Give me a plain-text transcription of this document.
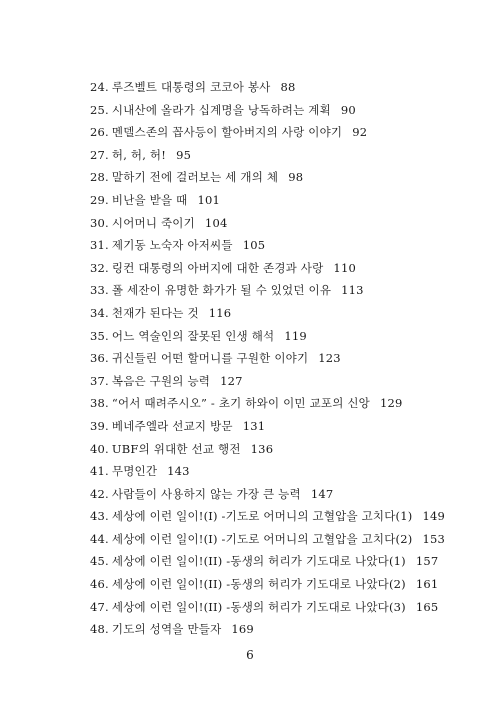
24. 루즈벨트 대통령의 코코아 봉사 88
25. 시내산에 올라가 십계명을 낭독하려는 계획 90
26. 멘델스존의 꼽사등이 할아버지의 사랑 이야기 92
27. 허, 허, 허! 95
28. 말하기 전에 걸러보는 세 개의 체 98
29. 비난을 받을 때 101
30. 시어머니 죽이기 104
31. 제기동 노숙자 아저씨들 105
32. 링컨 대통령의 아버지에 대한 존경과 사랑 110
33. 폴 세잔이 유명한 화가가 될 수 있었던 이유 113
34. 천재가 된다는 것 116
35. 어느 역술인의 잘못된 인생 해석 119
36. 귀신들린 어떤 할머니를 구원한 이야기 123
37. 복음은 구원의 능력 127
38. “어서 때려주시오” - 초기 하와이 이민 교포의 신앙 129
39. 베네주엘라 선교지 방문 131
40. UBF의 위대한 선교 행전 136
41. 무명인간 143
42. 사람들이 사용하지 않는 가장 큰 능력 147
43. 세상에 이런 일이!(I) -기도로 어머니의 고혈압을 고치다(1) 149
44. 세상에 이런 일이!(I) -기도로 어머니의 고혈압을 고치다(2) 153
45. 세상에 이런 일이!(II) -동생의 허리가 기도대로 나았다(1) 157
46. 세상에 이런 일이!(II) -동생의 허리가 기도대로 나았다(2) 161
47. 세상에 이런 일이!(II) -동생의 허리가 기도대로 나았다(3) 165
48. 기도의 성역을 만들자 169
6
